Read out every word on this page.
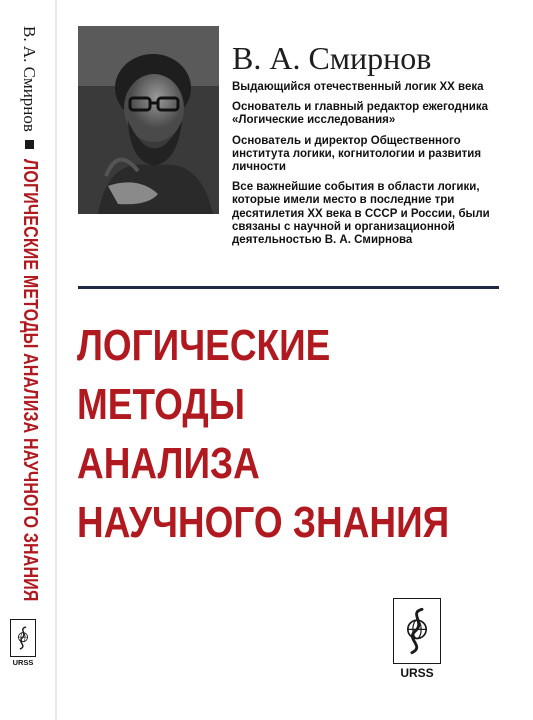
В. А. Смирнов
ЛОГИЧЕСКИЕ МЕТОДЫ АНАЛИЗА НАУЧНОГО ЗНАНИЯ
URSS
В. А. Смирнов

Выдающийся отечественный логик XX века

Основатель и главный редактор ежегодника «Логические исследования»

Основатель и директор Общественного института логики, когнитологии и развития личности

Все важнейшие события в области логики, которые имели место в последние три десятилетия XX века в СССР и России, были связаны с научной и организационной деятельностью В. А. Смирнова

ЛОГИЧЕСКИЕ
МЕТОДЫ
АНАЛИЗА
НАУЧНОГО ЗНАНИЯ
URSS
